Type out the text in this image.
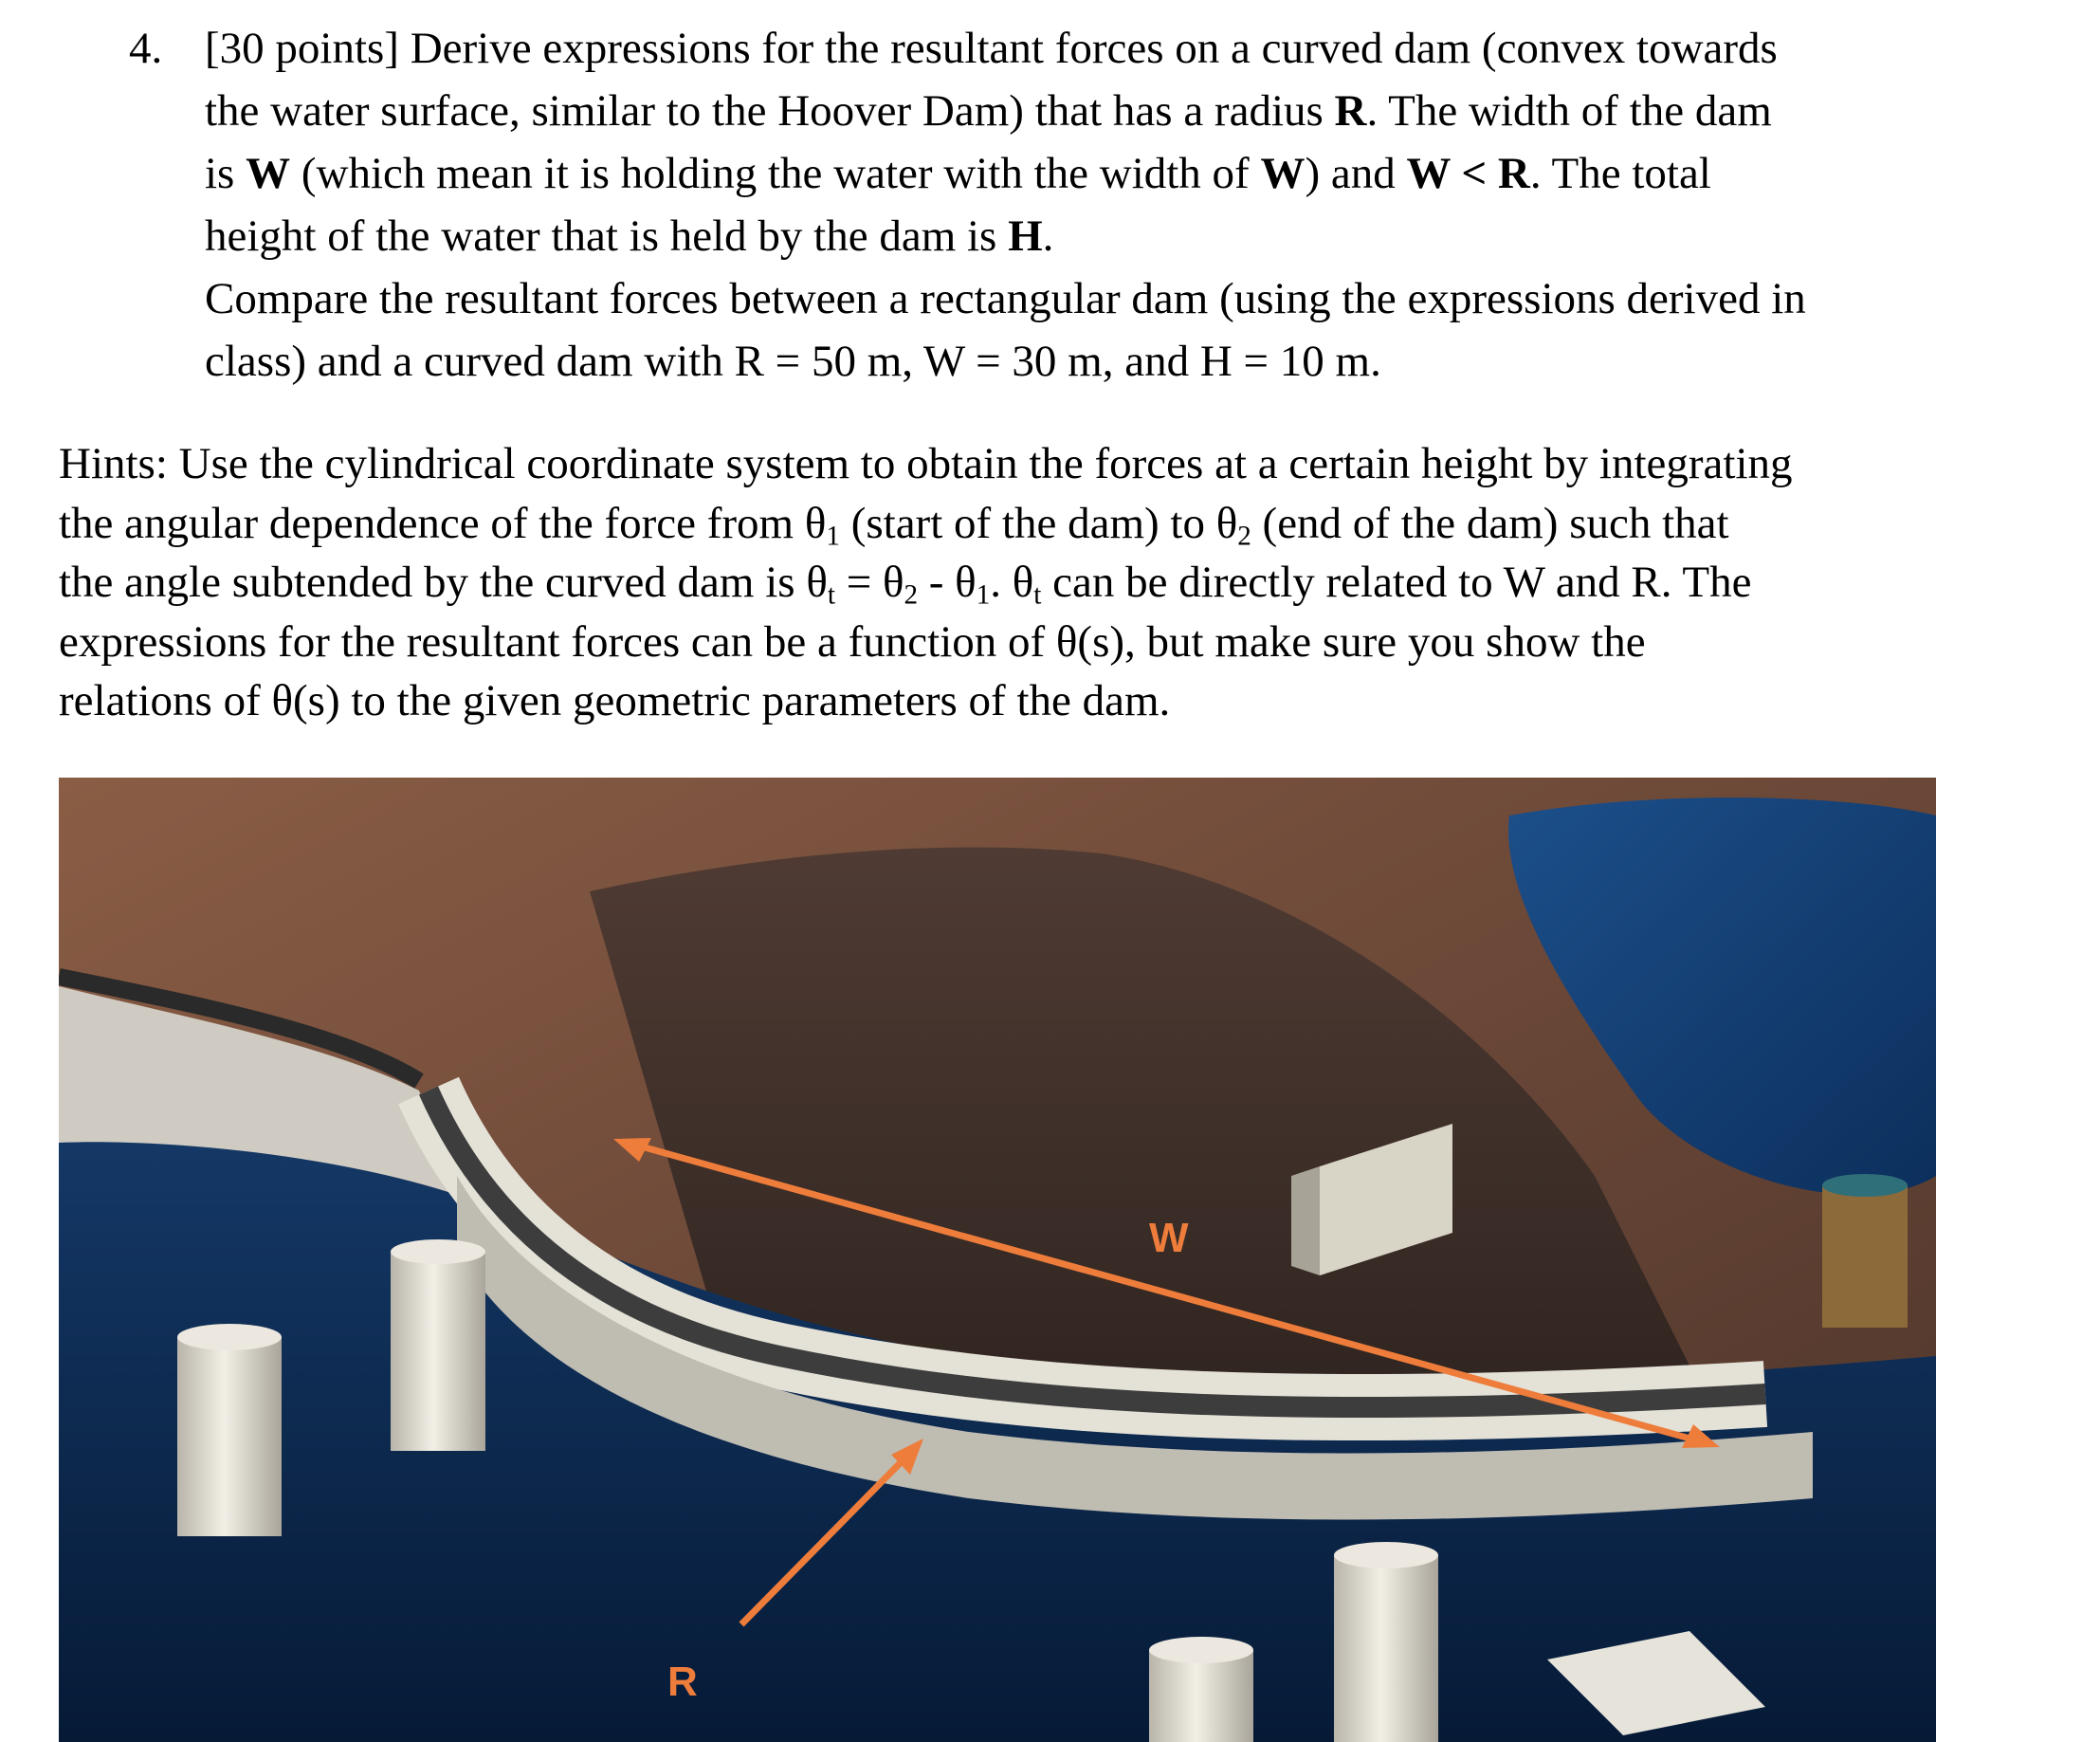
4. [30 points] Derive expressions for the resultant forces on a curved dam (convex towards
the water surface, similar to the Hoover Dam) that has a radius R. The width of the dam
is W (which mean it is holding the water with the width of W) and W < R. The total
height of the water that is held by the dam is H.
Compare the resultant forces between a rectangular dam (using the expressions derived in
class) and a curved dam with R = 50 m, W = 30 m, and H = 10 m.
Hints: Use the cylindrical coordinate system to obtain the forces at a certain height by integrating
the angular dependence of the force from $\theta_1$ (start of the dam) to $\theta_2$ (end of the dam) such that
the angle subtended by the curved dam is $\theta_t = \theta_2 - \theta_1$. $\theta_t$ can be directly related to W and R. The
expressions for the resultant forces can be a function of θ(s), but make sure you show the
relations of θ(s) to the given geometric parameters of the dam.
W
R
